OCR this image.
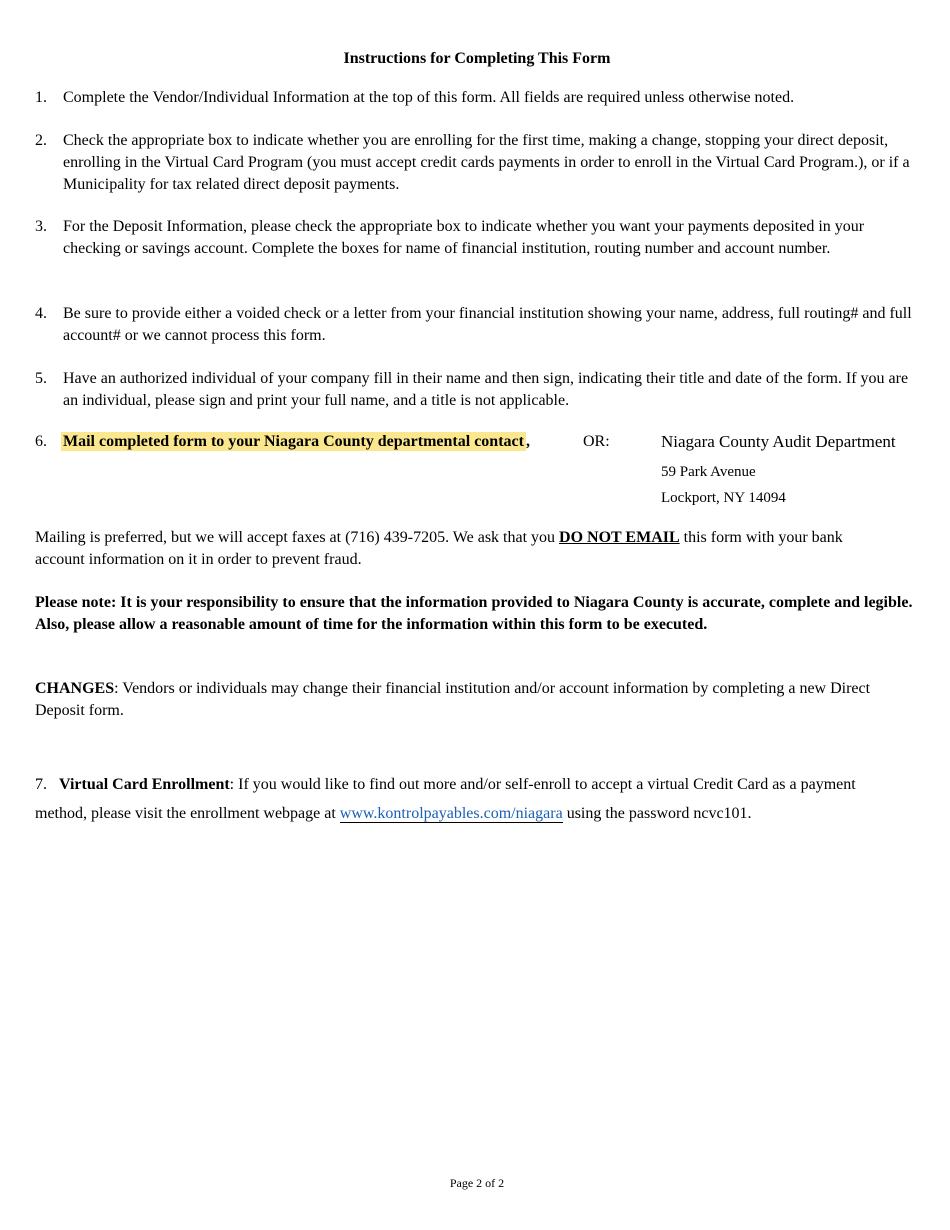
Instructions for Completing This Form
1. Complete the Vendor/Individual Information at the top of this form. All fields are required unless otherwise noted.
2. Check the appropriate box to indicate whether you are enrolling for the first time, making a change, stopping your direct deposit, enrolling in the Virtual Card Program (you must accept credit cards payments in order to enroll in the Virtual Card Program.), or if a Municipality for tax related direct deposit payments.
3. For the Deposit Information, please check the appropriate box to indicate whether you want your payments deposited in your checking or savings account. Complete the boxes for name of financial institution, routing number and account number.
4. Be sure to provide either a voided check or a letter from your financial institution showing your name, address, full routing# and full account# or we cannot process this form.
5. Have an authorized individual of your company fill in their name and then sign, indicating their title and date of the form. If you are an individual, please sign and print your full name, and a title is not applicable.
6. Mail completed form to your Niagara County departmental contact ,	OR:	Niagara County Audit Department
59 Park Avenue
Lockport, NY 14094
Mailing is preferred, but we will accept faxes at (716) 439-7205. We ask that you DO NOT EMAIL this form with your bank account information on it in order to prevent fraud.
Please note: It is your responsibility to ensure that the information provided to Niagara County is accurate, complete and legible. Also, please allow a reasonable amount of time for the information within this form to be executed.
CHANGES: Vendors or individuals may change their financial institution and/or account information by completing a new Direct Deposit form.
7. Virtual Card Enrollment: If you would like to find out more and/or self-enroll to accept a virtual Credit Card as a payment method, please visit the enrollment webpage at www.kontrolpayables.com/niagara using the password ncvc101.
Page 2 of 2
